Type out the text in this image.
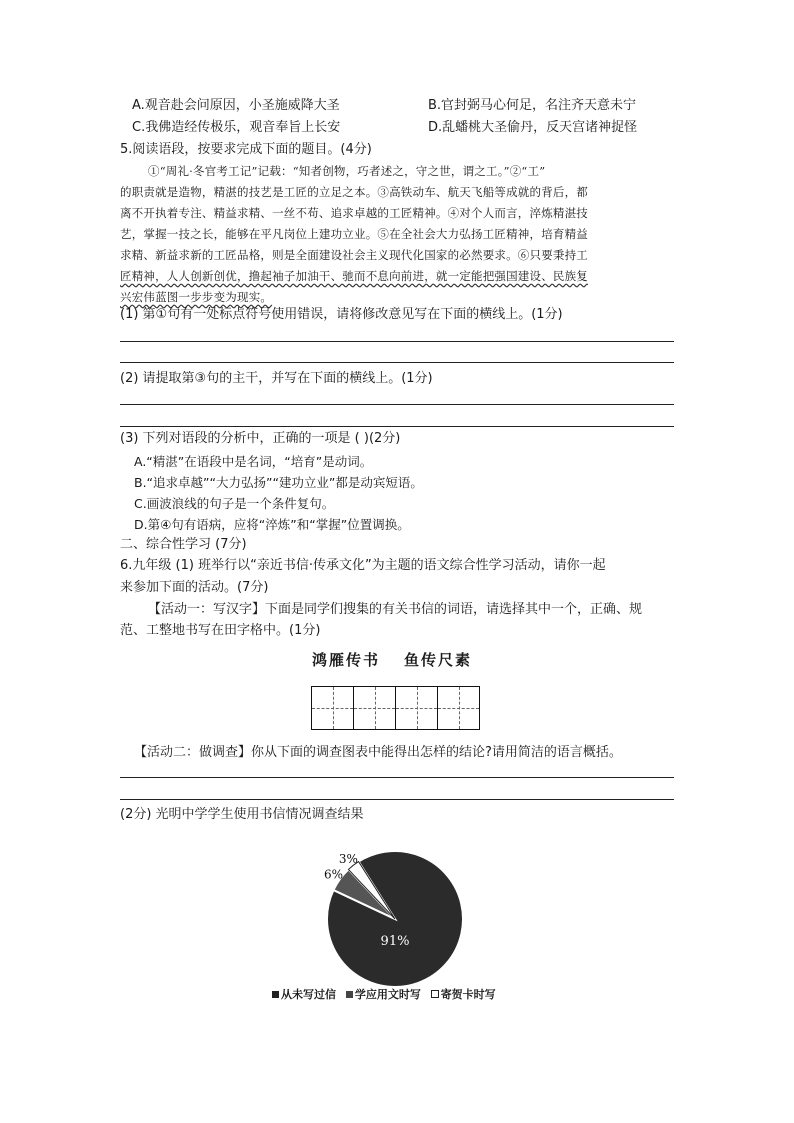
A.观音赴会问原因，小圣施威降大圣	B.官封弼马心何足，名注齐天意未宁
C.我佛造经传极乐，观音奉旨上长安	D.乱蟠桃大圣偷丹，反天宫诸神捉怪
5.阅读语段，按要求完成下面的题目。(4分)

①“周礼·冬官考工记”记载：“知者创物，巧者述之，守之世，谓之工。”②“工”

的职责就是造物，精湛的技艺是工匠的立足之本。③高铁动车、航天飞船等成就的背后，都

离不开执着专注、精益求精、一丝不苟、追求卓越的工匠精神。④对个人而言，淬炼精湛技

艺，掌握一技之长，能够在平凡岗位上建功立业。⑤在全社会大力弘扬工匠精神，培育精益

求精、新益求新的工匠品格，则是全面建设社会主义现代化国家的必然要求。⑥只要秉持工

匠精神，人人创新创优，撸起袖子加油干、驰而不息向前进，就一定能把强国建设、民族复

兴宏伟蓝图一步步变为现实。

(1) 第①句有一处标点符号使用错误，请将修改意见写在下面的横线上。(1分)
(2) 请提取第③句的主干，并写在下面的横线上。(1分)
(3) 下列对语段的分析中，正确的一项是 ( )(2分)
A.“精湛”在语段中是名词，“培育”是动词。
B.“追求卓越”“大力弘扬”“建功立业”都是动宾短语。
C.画波浪线的句子是一个条件复句。
D.第④句有语病，应将“淬炼”和“掌握”位置调换。
二、综合性学习 (7分)
6.九年级 (1) 班举行以“亲近书信·传承文化”为主题的语文综合性学习活动，请你一起
来参加下面的活动。(7分)
【活动一：写汉字】下面是同学们搜集的有关书信的词语，请选择其中一个，正确、规
范、工整地书写在田字格中。(1分)
鸿雁传书 鱼传尺素
【活动二：做调查】你从下面的调查图表中能得出怎样的结论?请用简洁的语言概括。
(2分) 光明中学学生使用书信情况调查结果
91%
6%
3%
从未写过信 学应用文时写 寄贺卡时写
